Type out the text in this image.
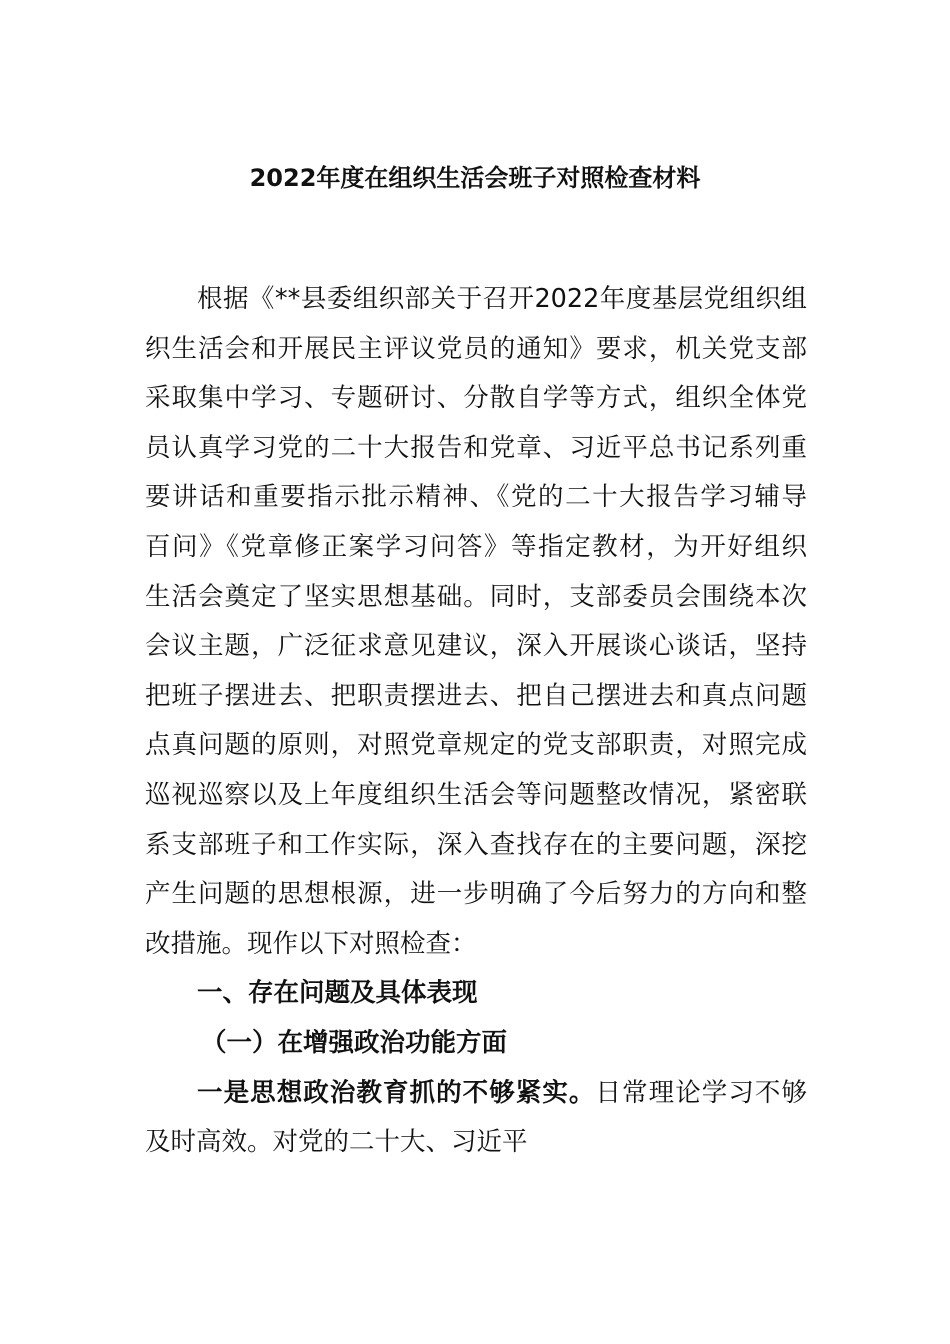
2022年度在组织生活会班子对照检查材料
根据《**县委组织部关于召开2022年度基层党组织组
织生活会和开展民主评议党员的通知》要求，机关党支部
采取集中学习、专题研讨、分散自学等方式，组织全体党
员认真学习党的二十大报告和党章、习近平总书记系列重
要讲话和重要指示批示精神、《党的二十大报告学习辅导
百问》《党章修正案学习问答》等指定教材，为开好组织
生活会奠定了坚实思想基础。同时，支部委员会围绕本次
会议主题，广泛征求意见建议，深入开展谈心谈话，坚持
把班子摆进去、把职责摆进去、把自己摆进去和真点问题
点真问题的原则，对照党章规定的党支部职责，对照完成
巡视巡察以及上年度组织生活会等问题整改情况，紧密联
系支部班子和工作实际，深入查找存在的主要问题，深挖
产生问题的思想根源，进一步明确了今后努力的方向和整
改措施。现作以下对照检查：
一、存在问题及具体表现
（一）在增强政治功能方面
一是思想政治教育抓的不够紧实。日常理论学习不够
及时高效。对党的二十大、习近平
